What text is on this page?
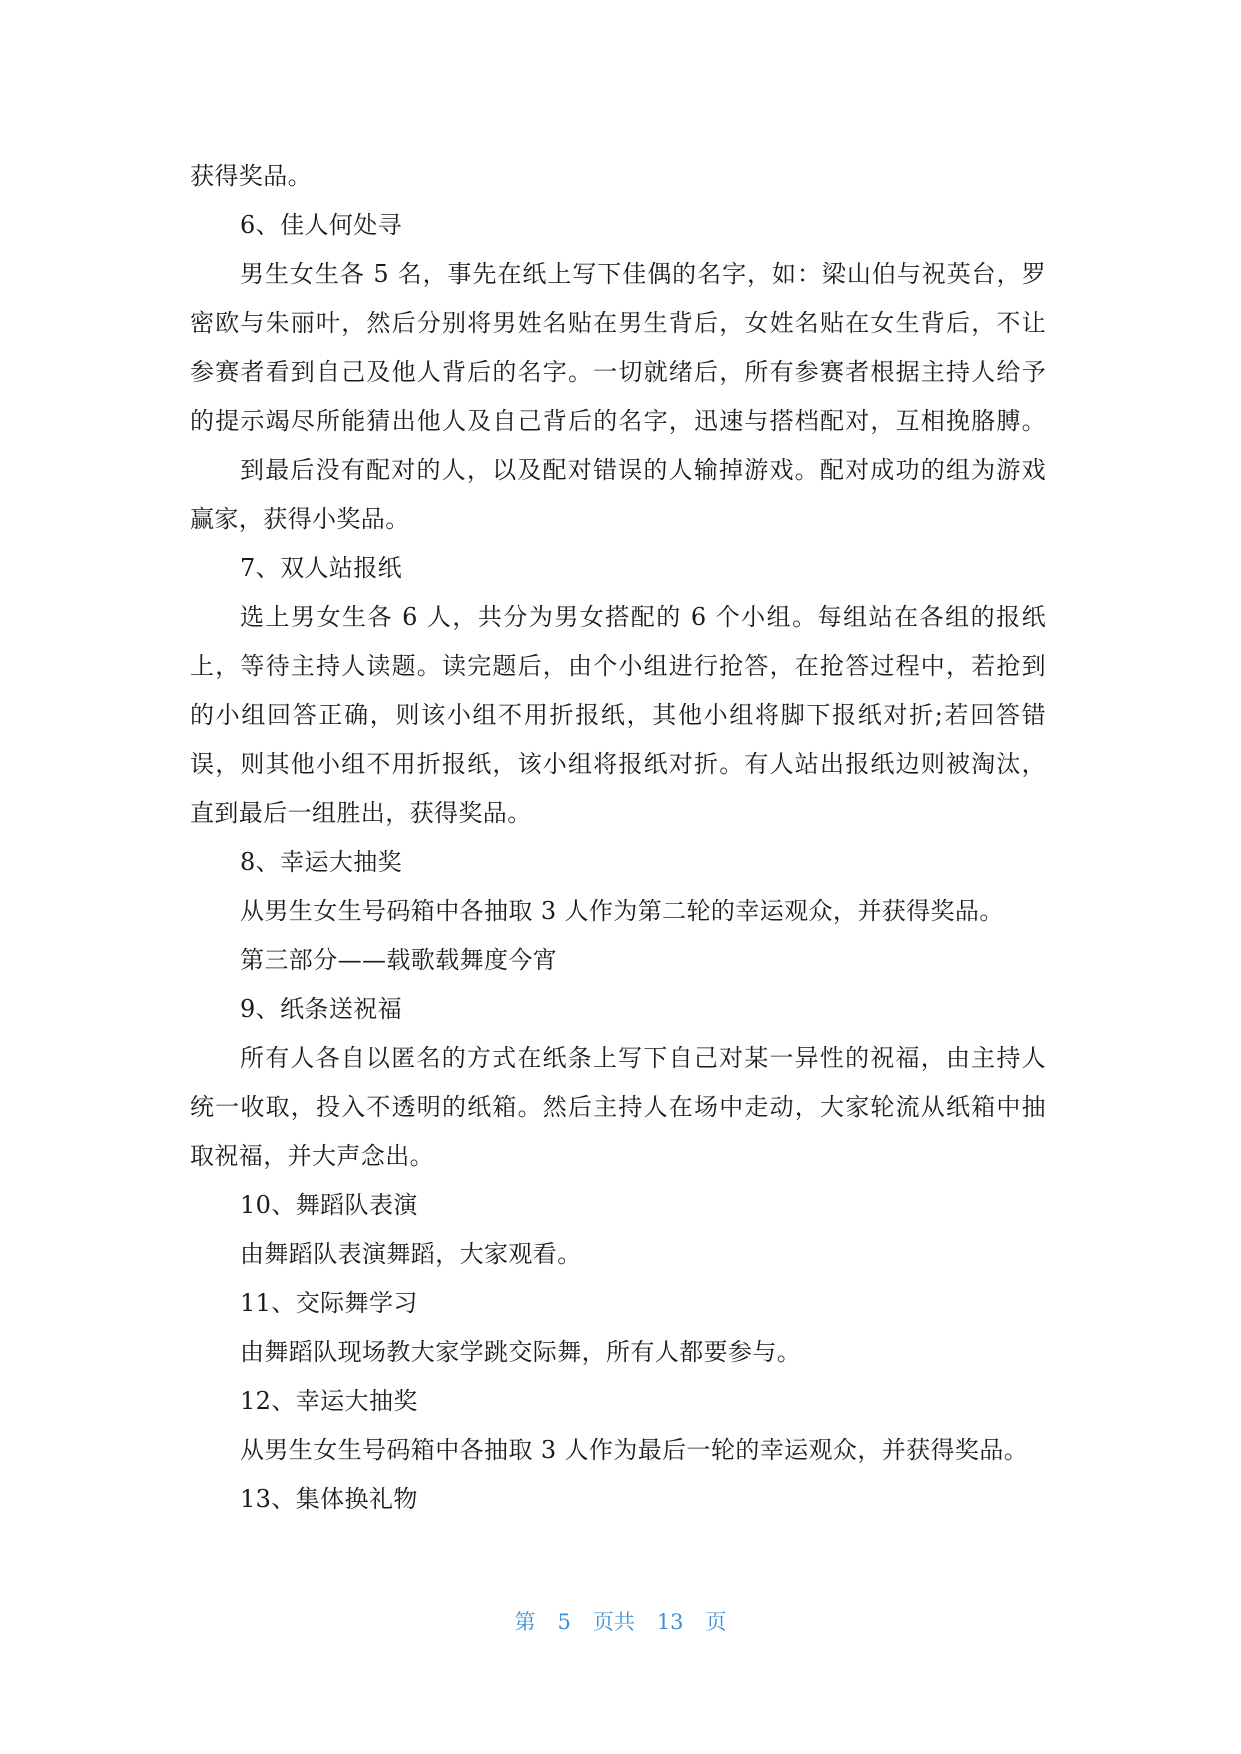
获得奖品。
6、佳人何处寻
男生女生各 5 名，事先在纸上写下佳偶的名字，如：梁山伯与祝英台，罗
密欧与朱丽叶，然后分别将男姓名贴在男生背后，女姓名贴在女生背后，不让
参赛者看到自己及他人背后的名字。一切就绪后，所有参赛者根据主持人给予
的提示竭尽所能猜出他人及自己背后的名字，迅速与搭档配对，互相挽胳膊。
到最后没有配对的人，以及配对错误的人输掉游戏。配对成功的组为游戏
赢家，获得小奖品。
7、双人站报纸
选上男女生各 6 人，共分为男女搭配的 6 个小组。每组站在各组的报纸
上，等待主持人读题。读完题后，由个小组进行抢答，在抢答过程中，若抢到
的小组回答正确，则该小组不用折报纸，其他小组将脚下报纸对折;若回答错
误，则其他小组不用折报纸，该小组将报纸对折。有人站出报纸边则被淘汰，
直到最后一组胜出，获得奖品。
8、幸运大抽奖
从男生女生号码箱中各抽取 3 人作为第二轮的幸运观众，并获得奖品。
第三部分——载歌载舞度今宵
9、纸条送祝福
所有人各自以匿名的方式在纸条上写下自己对某一异性的祝福，由主持人
统一收取，投入不透明的纸箱。然后主持人在场中走动，大家轮流从纸箱中抽
取祝福，并大声念出。
10、舞蹈队表演
由舞蹈队表演舞蹈，大家观看。
11、交际舞学习
由舞蹈队现场教大家学跳交际舞，所有人都要参与。
12、幸运大抽奖
从男生女生号码箱中各抽取 3 人作为最后一轮的幸运观众，并获得奖品。
13、集体换礼物
第 5 页共 13 页
